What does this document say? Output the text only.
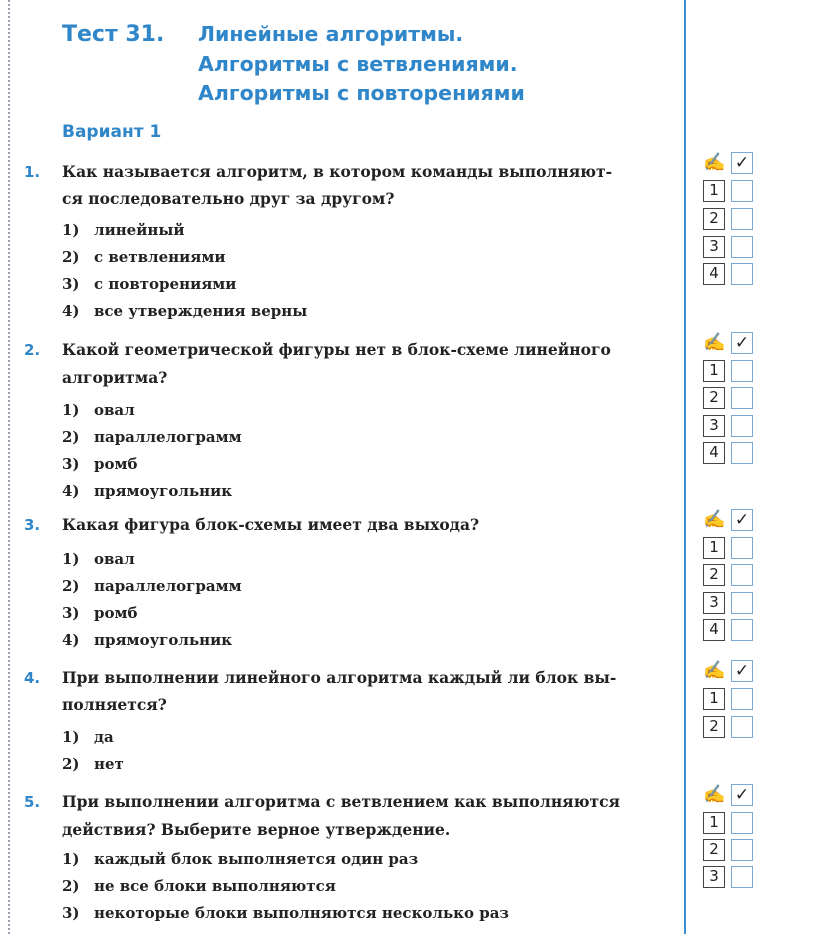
Тест 31. Линейные алгоритмы.
Алгоритмы с ветвлениями.
Алгоритмы с повторениями
Вариант 1
1. Как называется алгоритм, в котором команды выполняют-
ся последовательно друг за другом?
1) линейный
2) с ветвлениями
3) с повторениями
4) все утверждения верны
✍ ✓
1
2
3
4
2. Какой геометрической фигуры нет в блок-схеме линейного
алгоритма?
1) овал
2) параллелограмм
3) ромб
4) прямоугольник
✍ ✓
1
2
3
4
3. Какая фигура блок-схемы имеет два выхода?
1) овал
2) параллелограмм
3) ромб
4) прямоугольник
✍ ✓
1
2
3
4
4. При выполнении линейного алгоритма каждый ли блок вы-
полняется?
1) да
2) нет
✍ ✓
1
2
5. При выполнении алгоритма с ветвлением как выполняются
действия? Выберите верное утверждение.
1) каждый блок выполняется один раз
2) не все блоки выполняются
3) некоторые блоки выполняются несколько раз
✍ ✓
1
2
3
